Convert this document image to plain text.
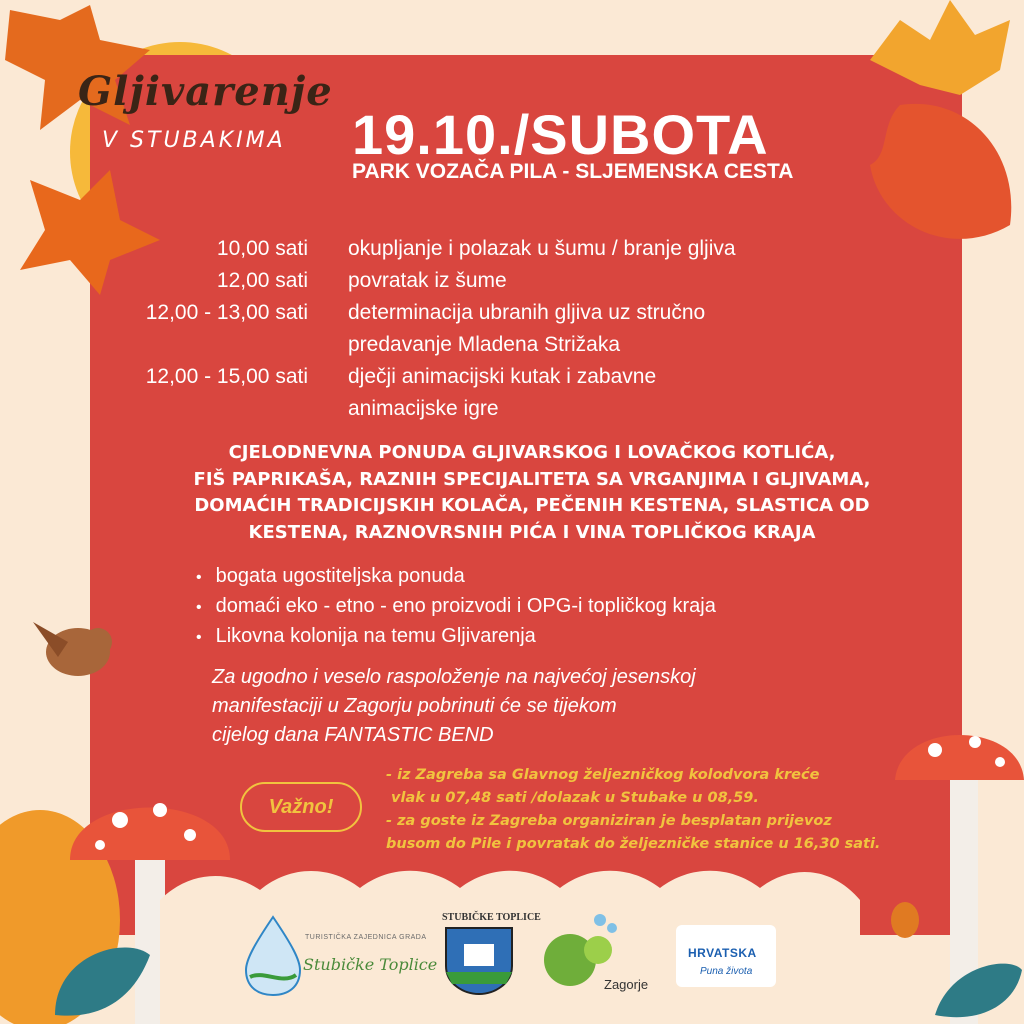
Gljivarenje
V STUBAKIMA 19.10./SUBOTA
PARK VOZAČA PILA - SLJEMENSKA CESTA
10,00 sati	okupljanje i polazak u šumu / branje gljiva
12,00 sati	povratak iz šume
12,00 - 13,00 sati	determinacija ubranih gljiva uz stručno
predavanje Mladena Strižaka
12,00 - 15,00 sati	dječji animacijski kutak i zabavne
animacijske igre
CJELODNEVNA PONUDA GLJIVARSKOG I LOVAČKOG KOTLIĆA,
FIŠ PAPRIKAŠA, RAZNIH SPECIJALITETA SA VRGANJIMA I GLJIVAMA,
DOMAĆIH TRADICIJSKIH KOLAČA, PEČENIH KESTENA, SLASTICA OD
KESTENA, RAZNOVRSNIH PIĆA I VINA TOPLIČKOG KRAJA
• bogata ugostiteljska ponuda
• domaći eko - etno - eno proizvodi i OPG-i topličkog kraja
• Likovna kolonija na temu Gljivarenja
Za ugodno i veselo raspoloženje na najvećoj jesenskoj
manifestaciji u Zagorju pobrinuti će se tijekom
cijelog dana FANTASTIC BEND
Važno!
- iz Zagreba sa Glavnog željezničkog kolodvora kreće
vlak u 07,48 sati /dolazak u Stubake u 08,59.
- za goste iz Zagreba organiziran je besplatan prijevoz
busom do Pile i povratak do željezničke stanice u 16,30 sati.
TURISTIČKA ZAJEDNICA GRADA
Stubičke Toplice
STUBIČKE TOPLICE
Zagorje
HRVATSKA
Puna života
